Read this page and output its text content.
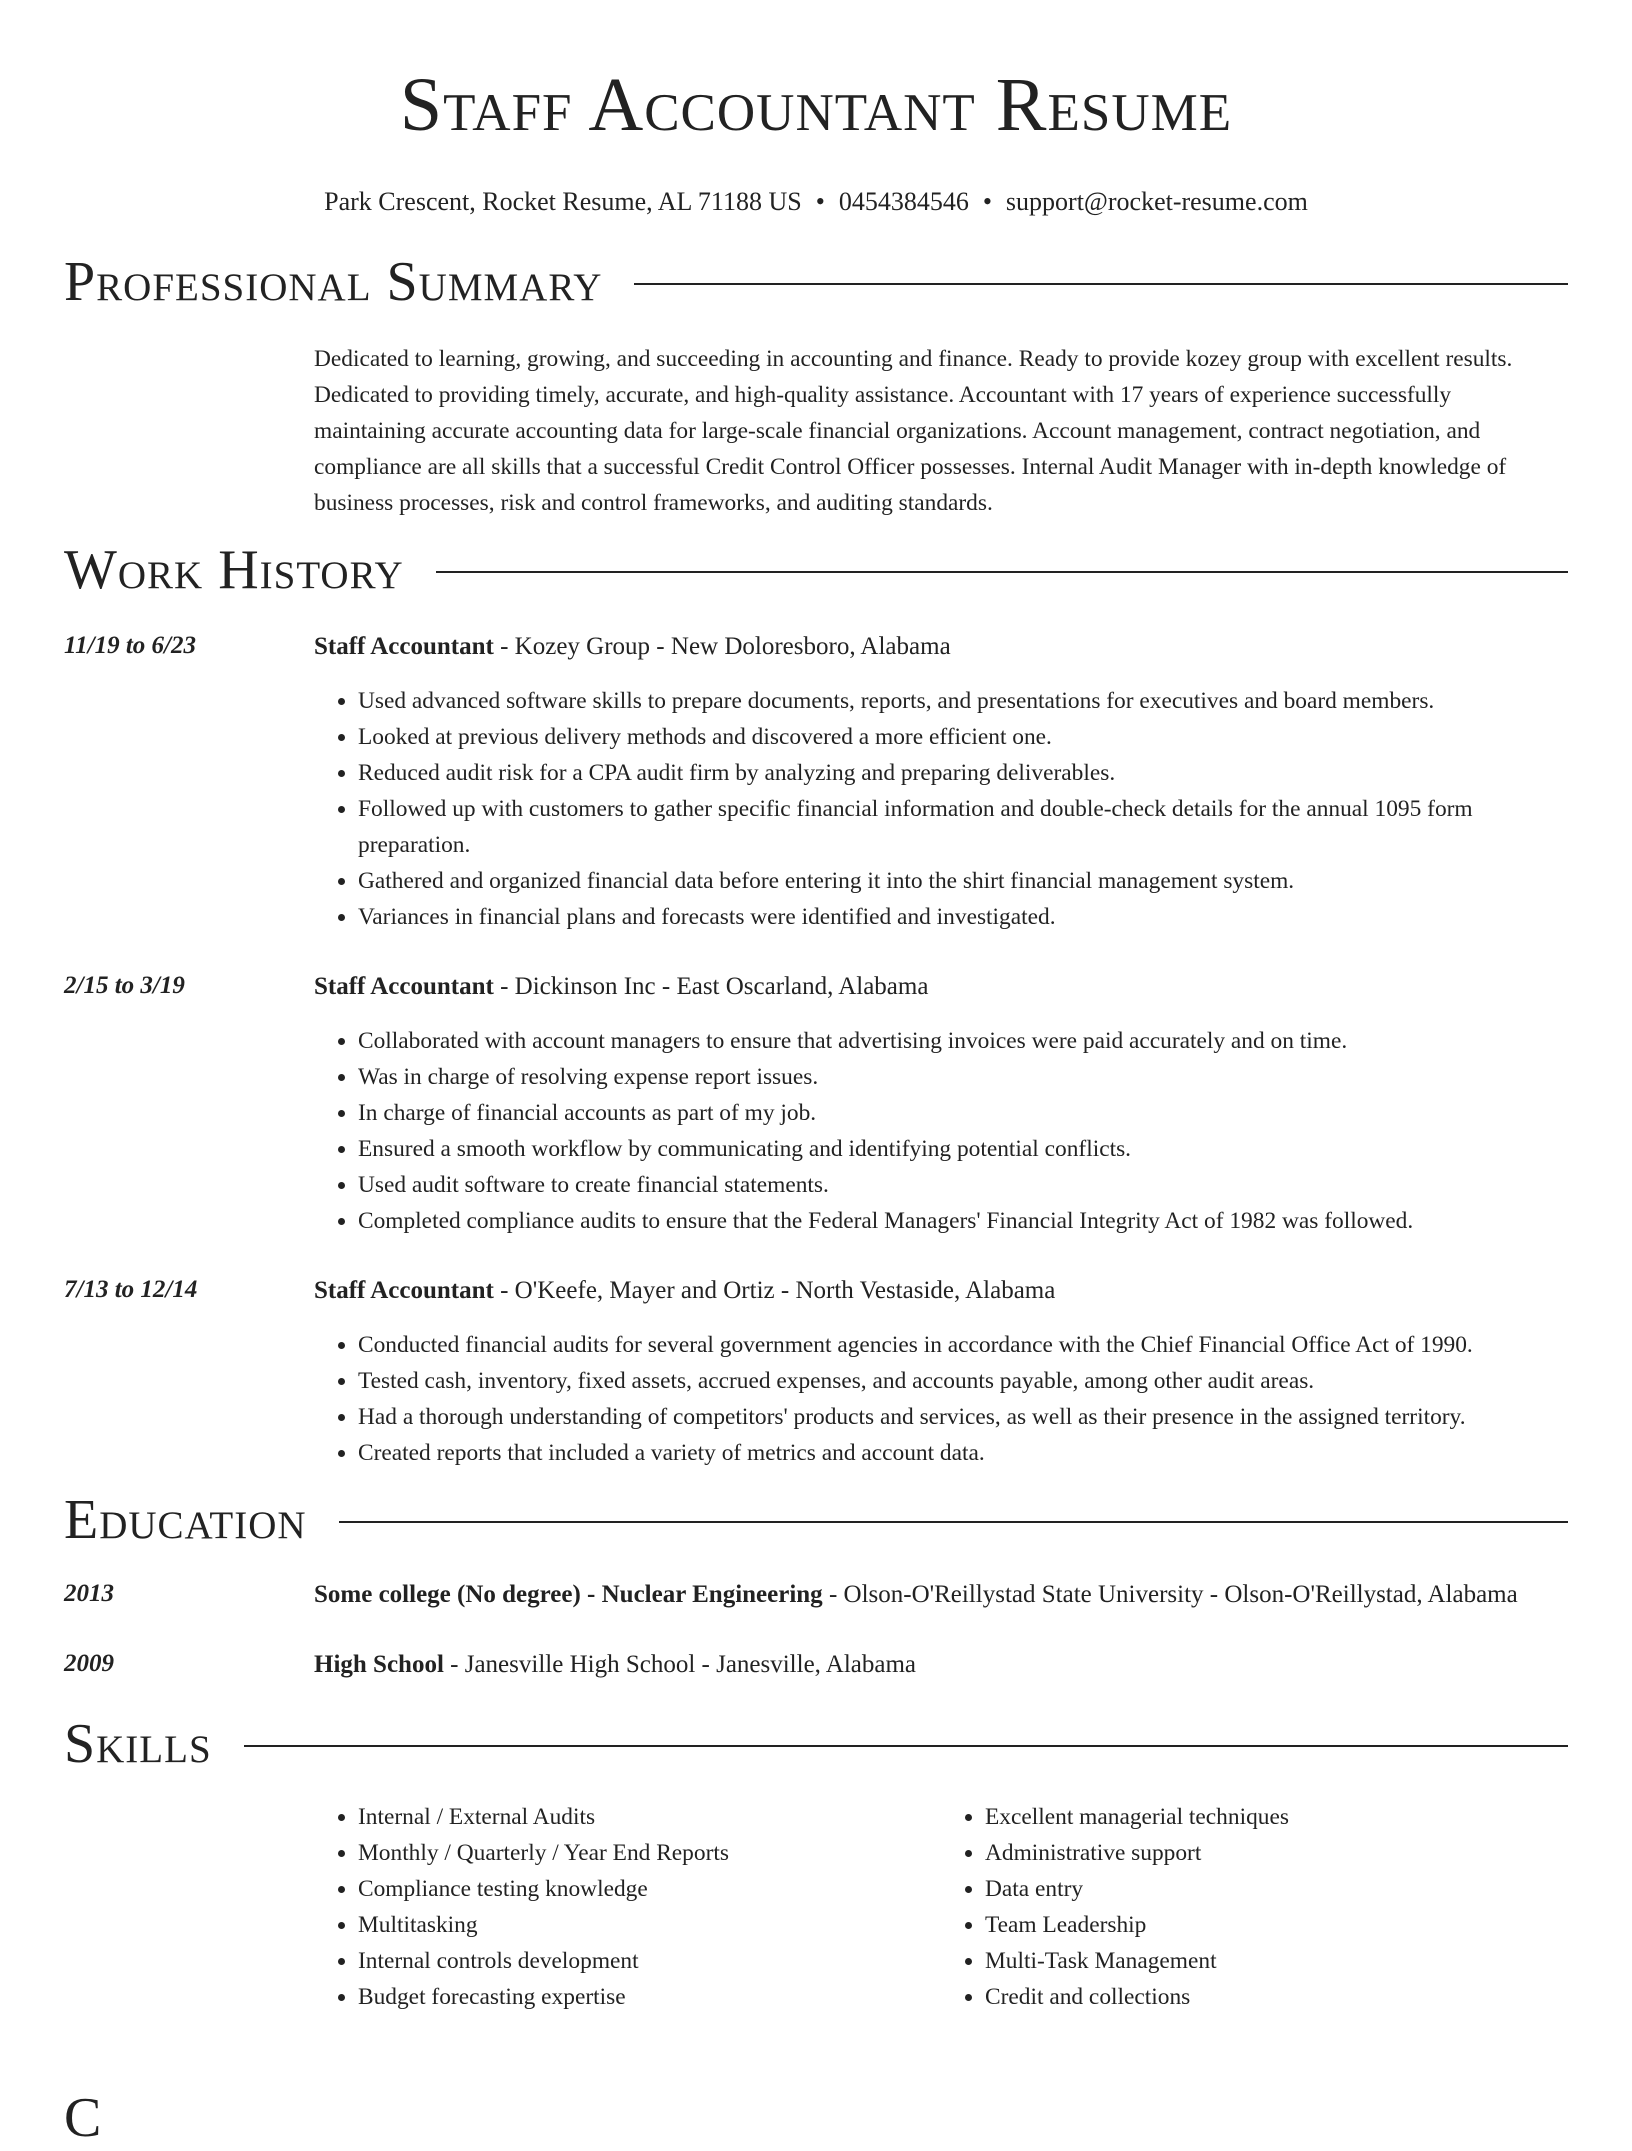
Staff Accountant Resume
Park Crescent, Rocket Resume, AL 71188 US • 0454384546 • support@rocket-resume.com
Professional Summary

Dedicated to learning, growing, and succeeding in accounting and finance. Ready to provide kozey group with excellent results. Dedicated to providing timely, accurate, and high-quality assistance. Accountant with 17 years of experience successfully maintaining accurate accounting data for large-scale financial organizations. Account management, contract negotiation, and compliance are all skills that a successful Credit Control Officer possesses. Internal Audit Manager with in-depth knowledge of business processes, risk and control frameworks, and auditing standards.

Work History
11/19 to 6/23	Staff Accountant - Kozey Group - New Doloresboro, Alabama
• Used advanced software skills to prepare documents, reports, and presentations for executives and board members.
• Looked at previous delivery methods and discovered a more efficient one.
• Reduced audit risk for a CPA audit firm by analyzing and preparing deliverables.
• Followed up with customers to gather specific financial information and double-check details for the annual 1095 form preparation.
• Gathered and organized financial data before entering it into the shirt financial management system.
• Variances in financial plans and forecasts were identified and investigated.
2/15 to 3/19	Staff Accountant - Dickinson Inc - East Oscarland, Alabama
• Collaborated with account managers to ensure that advertising invoices were paid accurately and on time.
• Was in charge of resolving expense report issues.
• In charge of financial accounts as part of my job.
• Ensured a smooth workflow by communicating and identifying potential conflicts.
• Used audit software to create financial statements.
• Completed compliance audits to ensure that the Federal Managers' Financial Integrity Act of 1982 was followed.
7/13 to 12/14	Staff Accountant - O'Keefe, Mayer and Ortiz - North Vestaside, Alabama
• Conducted financial audits for several government agencies in accordance with the Chief Financial Office Act of 1990.
• Tested cash, inventory, fixed assets, accrued expenses, and accounts payable, among other audit areas.
• Had a thorough understanding of competitors' products and services, as well as their presence in the assigned territory.
• Created reports that included a variety of metrics and account data.
Education
2013	Some college (No degree) - Nuclear Engineering - Olson-O'Reillystad State University - Olson-O'Reillystad, Alabama
2009	High School - Janesville High School - Janesville, Alabama
Skills
• Internal / External Audits
• Monthly / Quarterly / Year End Reports
• Compliance testing knowledge
• Multitasking
• Internal controls development
• Budget forecasting expertise
• Excellent managerial techniques
• Administrative support
• Data entry
• Team Leadership
• Multi-Task Management
• Credit and collections
C
